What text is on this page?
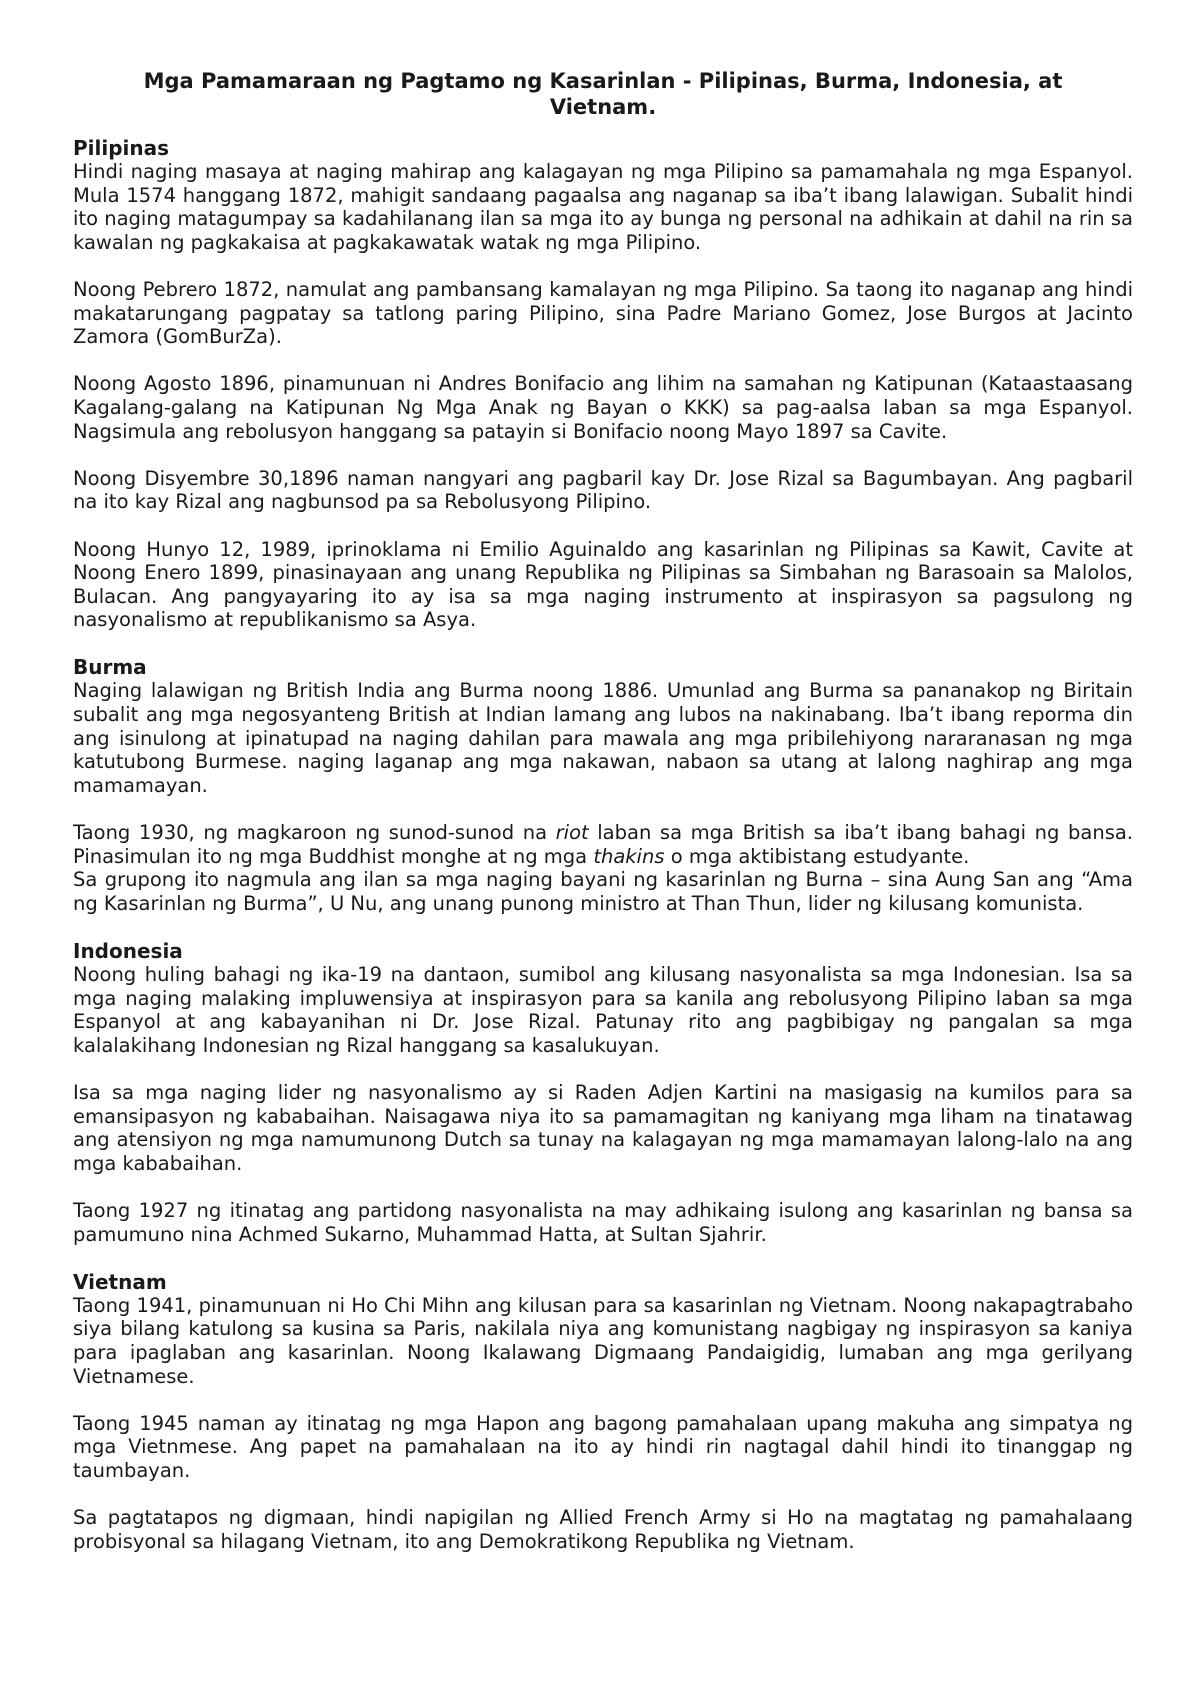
Mga Pamamaraan ng Pagtamo ng Kasarinlan - Pilipinas, Burma, Indonesia, at Vietnam.
Pilipinas

Hindi naging masaya at naging mahirap ang kalagayan ng mga Pilipino sa pamamahala ng mga Espanyol. Mula 1574 hanggang 1872, mahigit sandaang pagaalsa ang naganap sa iba’t ibang lalawigan. Subalit hindi ito naging matagumpay sa kadahilanang ilan sa mga ito ay bunga ng personal na adhikain at dahil na rin sa kawalan ng pagkakaisa at pagkakawatak watak ng mga Pilipino.

Noong Pebrero 1872, namulat ang pambansang kamalayan ng mga Pilipino. Sa taong ito naganap ang hindi makatarungang pagpatay sa tatlong paring Pilipino, sina Padre Mariano Gomez, Jose Burgos at Jacinto Zamora (GomBurZa).

Noong Agosto 1896, pinamunuan ni Andres Bonifacio ang lihim na samahan ng Katipunan (Kataastaasang Kagalang-galang na Katipunan Ng Mga Anak ng Bayan o KKK) sa pag-aalsa laban sa mga Espanyol. Nagsimula ang rebolusyon hanggang sa patayin si Bonifacio noong Mayo 1897 sa Cavite.

Noong Disyembre 30,1896 naman nangyari ang pagbaril kay Dr. Jose Rizal sa Bagumbayan. Ang pagbaril na ito kay Rizal ang nagbunsod pa sa Rebolusyong Pilipino.

Noong Hunyo 12, 1989, iprinoklama ni Emilio Aguinaldo ang kasarinlan ng Pilipinas sa Kawit, Cavite at Noong Enero 1899, pinasinayaan ang unang Republika ng Pilipinas sa Simbahan ng Barasoain sa Malolos, Bulacan. Ang pangyayaring ito ay isa sa mga naging instrumento at inspirasyon sa pagsulong ng nasyonalismo at republikanismo sa Asya.

Burma

Naging lalawigan ng British India ang Burma noong 1886. Umunlad ang Burma sa pananakop ng Biritain subalit ang mga negosyanteng British at Indian lamang ang lubos na nakinabang. Iba’t ibang reporma din ang isinulong at ipinatupad na naging dahilan para mawala ang mga pribilehiyong nararanasan ng mga katutubong Burmese. naging laganap ang mga nakawan, nabaon sa utang at lalong naghirap ang mga mamamayan.

Taong 1930, ng magkaroon ng sunod-sunod na riot laban sa mga British sa iba’t ibang bahagi ng bansa. Pinasimulan ito ng mga Buddhist monghe at ng mga thakins o mga aktibistang estudyante.

Sa grupong ito nagmula ang ilan sa mga naging bayani ng kasarinlan ng Burna – sina Aung San ang “Ama ng Kasarinlan ng Burma”, U Nu, ang unang punong ministro at Than Thun, lider ng kilusang komunista.

Indonesia

Noong huling bahagi ng ika-19 na dantaon, sumibol ang kilusang nasyonalista sa mga Indonesian. Isa sa mga naging malaking impluwensiya at inspirasyon para sa kanila ang rebolusyong Pilipino laban sa mga Espanyol at ang kabayanihan ni Dr. Jose Rizal. Patunay rito ang pagbibigay ng pangalan sa mga kalalakihang Indonesian ng Rizal hanggang sa kasalukuyan.

Isa sa mga naging lider ng nasyonalismo ay si Raden Adjen Kartini na masigasig na kumilos para sa emansipasyon ng kababaihan. Naisagawa niya ito sa pamamagitan ng kaniyang mga liham na tinatawag ang atensiyon ng mga namumunong Dutch sa tunay na kalagayan ng mga mamamayan lalong-lalo na ang mga kababaihan.

Taong 1927 ng itinatag ang partidong nasyonalista na may adhikaing isulong ang kasarinlan ng bansa sa pamumuno nina Achmed Sukarno, Muhammad Hatta, at Sultan Sjahrir.

Vietnam

Taong 1941, pinamunuan ni Ho Chi Mihn ang kilusan para sa kasarinlan ng Vietnam. Noong nakapagtrabaho siya bilang katulong sa kusina sa Paris, nakilala niya ang komunistang nagbigay ng inspirasyon sa kaniya para ipaglaban ang kasarinlan. Noong Ikalawang Digmaang Pandaigidig, lumaban ang mga gerilyang Vietnamese.

Taong 1945 naman ay itinatag ng mga Hapon ang bagong pamahalaan upang makuha ang simpatya ng mga Vietnmese. Ang papet na pamahalaan na ito ay hindi rin nagtagal dahil hindi ito tinanggap ng taumbayan.

Sa pagtatapos ng digmaan, hindi napigilan ng Allied French Army si Ho na magtatag ng pamahalaang probisyonal sa hilagang Vietnam, ito ang Demokratikong Republika ng Vietnam.
